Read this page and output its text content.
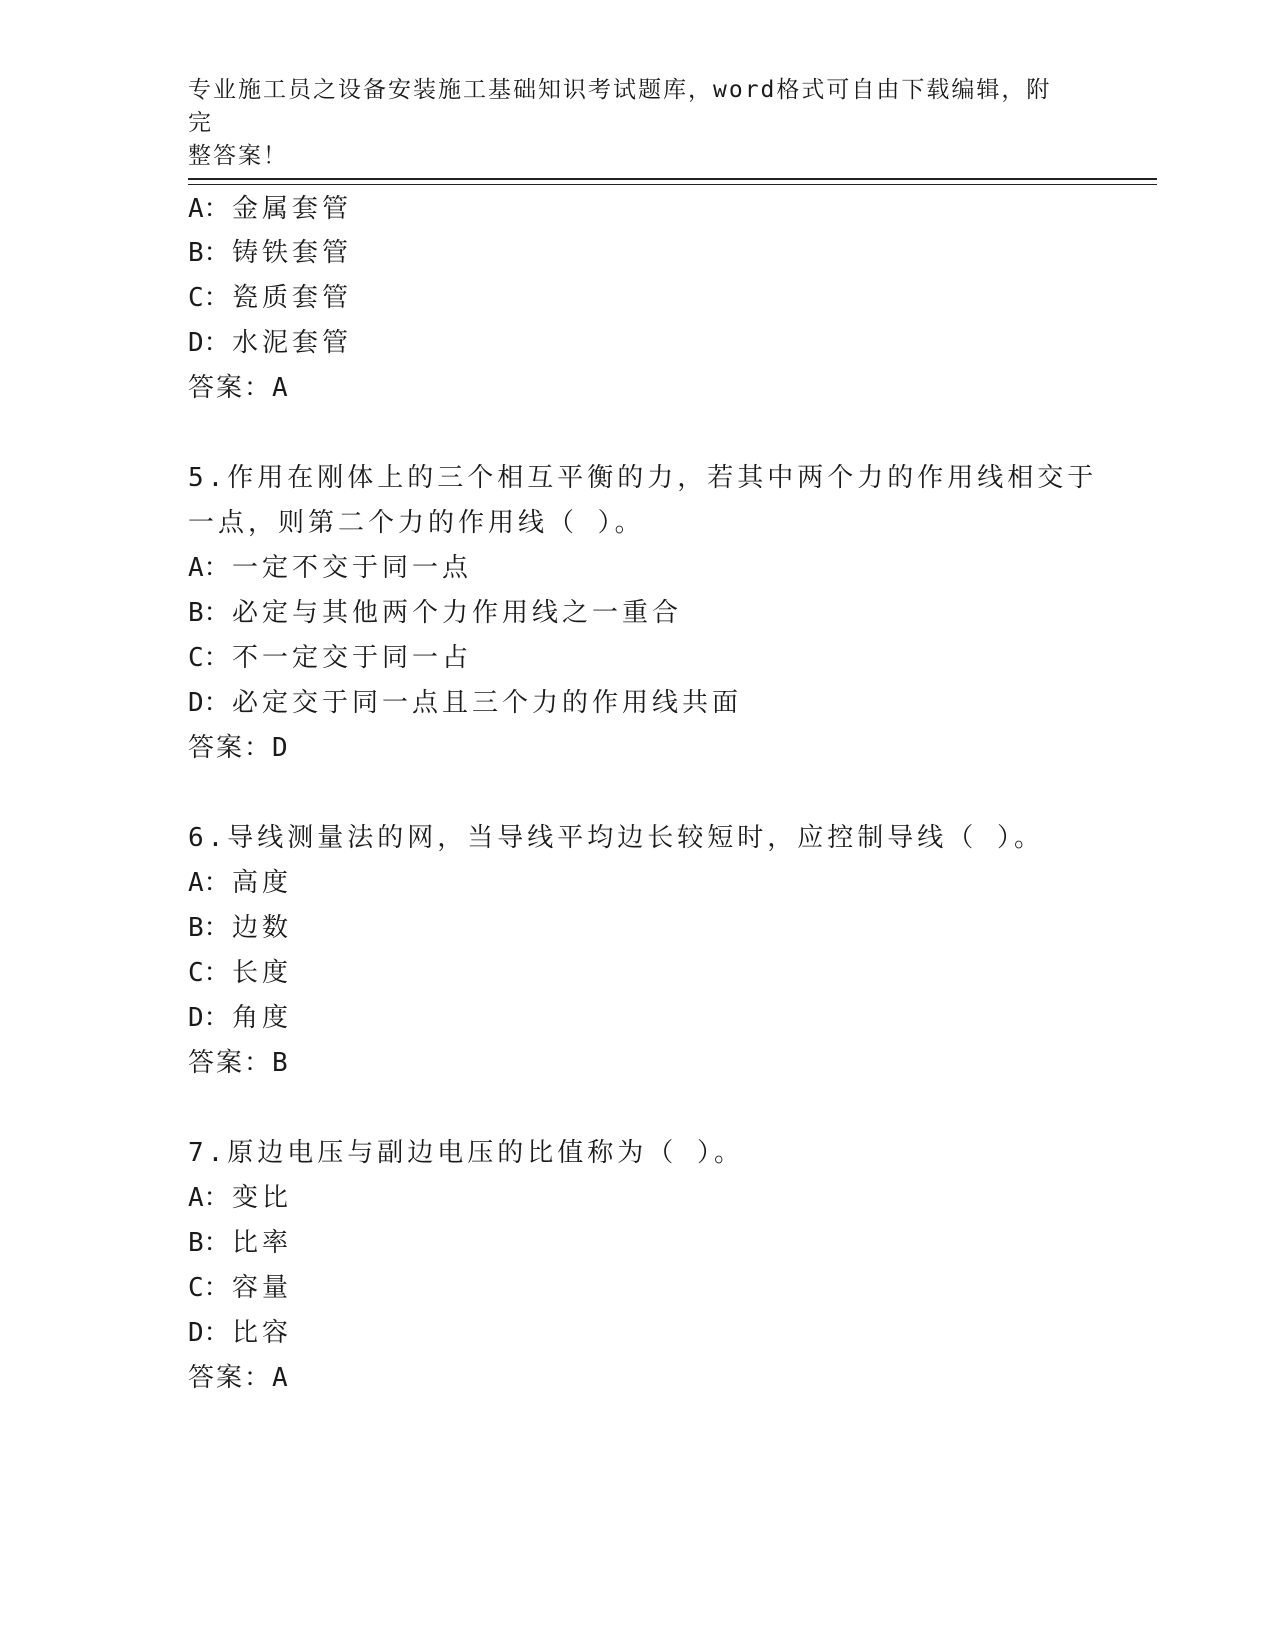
专业施工员之设备安装施工基础知识考试题库，word格式可自由下载编辑，附完
整答案！
A：金属套管
B：铸铁套管
C：瓷质套管
D：水泥套管
答案：A
5.作用在刚体上的三个相互平衡的力，若其中两个力的作用线相交于
一点，则第二个力的作用线（ ）。
A：一定不交于同一点
B：必定与其他两个力作用线之一重合
C：不一定交于同一占
D：必定交于同一点且三个力的作用线共面
答案：D
6.导线测量法的网，当导线平均边长较短时，应控制导线（ ）。
A：高度
B：边数
C：长度
D：角度
答案：B
7.原边电压与副边电压的比值称为（ ）。
A：变比
B：比率
C：容量
D：比容
答案：A
